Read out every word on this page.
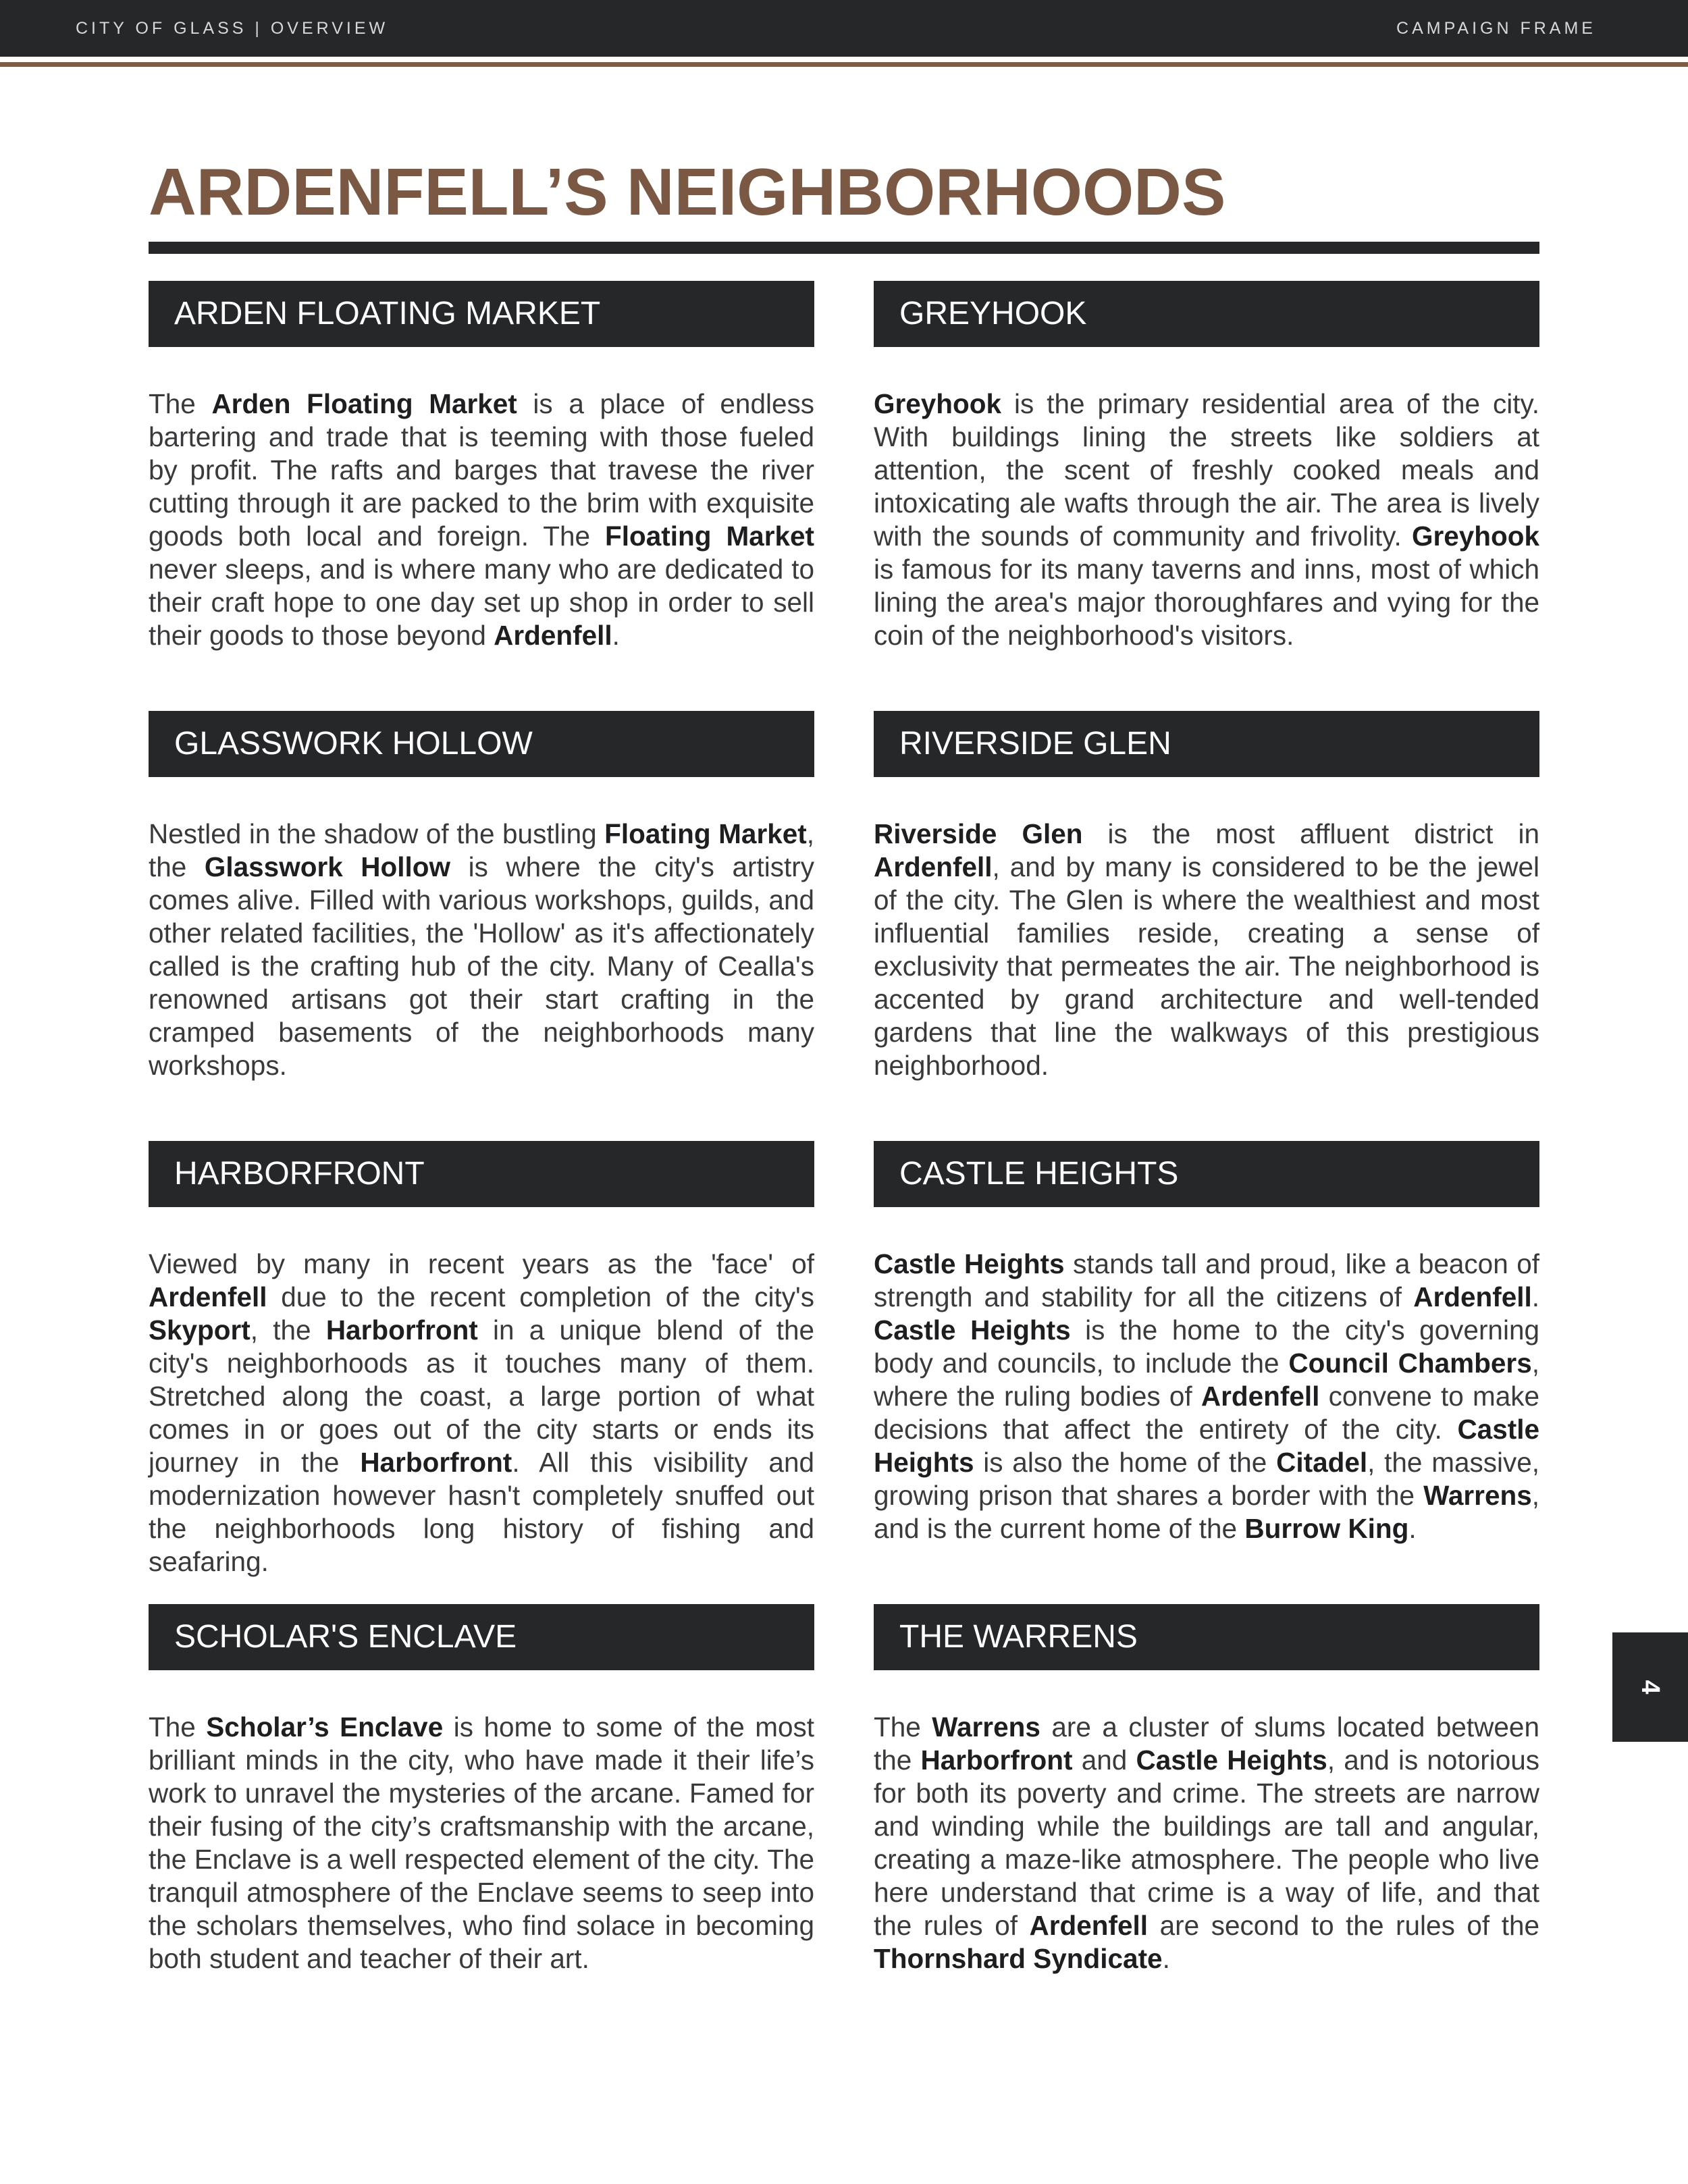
CITY OF GLASS | OVERVIEW	CAMPAIGN FRAME
ARDENFELL’S NEIGHBORHOODS
ARDEN FLOATING MARKET

The Arden Floating Market is a place of endless bartering and trade that is teeming with those fueled by profit. The rafts and barges that travese the river cutting through it are packed to the brim with exquisite goods both local and foreign. The Floating Market never sleeps, and is where many who are dedicated to their craft hope to one day set up shop in order to sell their goods to those beyond Ardenfell.

GREYHOOK

Greyhook is the primary residential area of the city. With buildings lining the streets like soldiers at attention, the scent of freshly cooked meals and intoxicating ale wafts through the air. The area is lively with the sounds of community and frivolity. Greyhook is famous for its many taverns and inns, most of which lining the area's major thoroughfares and vying for the coin of the neighborhood's visitors.

GLASSWORK HOLLOW

Nestled in the shadow of the bustling Floating Market, the Glasswork Hollow is where the city's artistry comes alive. Filled with various workshops, guilds, and other related facilities, the 'Hollow' as it's affectionately called is the crafting hub of the city. Many of Cealla's renowned artisans got their start crafting in the cramped basements of the neighborhoods many workshops.

RIVERSIDE GLEN

Riverside Glen is the most affluent district in Ardenfell, and by many is considered to be the jewel of the city. The Glen is where the wealthiest and most influential families reside, creating a sense of exclusivity that permeates the air. The neighborhood is accented by grand architecture and well-tended gardens that line the walkways of this prestigious neighborhood.

HARBORFRONT

Viewed by many in recent years as the 'face' of Ardenfell due to the recent completion of the city's Skyport, the Harborfront in a unique blend of the city's neighborhoods as it touches many of them. Stretched along the coast, a large portion of what comes in or goes out of the city starts or ends its journey in the Harborfront. All this visibility and modernization however hasn't completely snuffed out the neighborhoods long history of fishing and seafaring.

CASTLE HEIGHTS

Castle Heights stands tall and proud, like a beacon of strength and stability for all the citizens of Ardenfell. Castle Heights is the home to the city's governing body and councils, to include the Council Chambers, where the ruling bodies of Ardenfell convene to make decisions that affect the entirety of the city. Castle Heights is also the home of the Citadel, the massive, growing prison that shares a border with the Warrens, and is the current home of the Burrow King.

SCHOLAR'S ENCLAVE

The Scholar’s Enclave is home to some of the most brilliant minds in the city, who have made it their life’s work to unravel the mysteries of the arcane. Famed for their fusing of the city’s craftsmanship with the arcane, the Enclave is a well respected element of the city. The tranquil atmosphere of the Enclave seems to seep into the scholars themselves, who find solace in becoming both student and teacher of their art.

THE WARRENS

The Warrens are a cluster of slums located between the Harborfront and Castle Heights, and is notorious for both its poverty and crime. The streets are narrow and winding while the buildings are tall and angular, creating a maze-like atmosphere. The people who live here understand that crime is a way of life, and that the rules of Ardenfell are second to the rules of the Thornshard Syndicate.

4
